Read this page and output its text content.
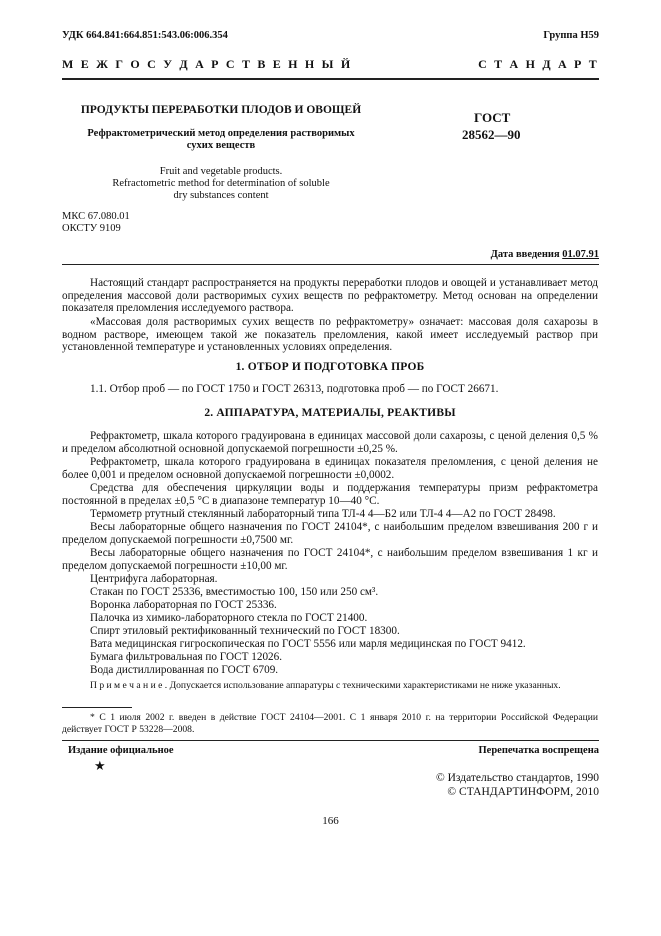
УДК 664.841:664.851:543.06:006.354	Группа Н59
М Е Ж Г О С У Д А Р С Т В Е Н Н Ы Й	С Т А Н Д А Р Т
ПРОДУКТЫ ПЕРЕРАБОТКИ ПЛОДОВ И ОВОЩЕЙ
Рефрактометрический метод определения растворимых
сухих веществ
Fruit and vegetable products.
Refractometric method for determination of soluble
dry substances content
ГОСТ
28562—90
МКС 67.080.01
ОКСТУ 9109
Дата введения 01.07.91
Настоящий стандарт распространяется на продукты переработки плодов и овощей и устанавливает метод определения массовой доли растворимых сухих веществ по рефрактометру. Метод основан на определении показателя преломления исследуемого раствора.
«Массовая доля растворимых сухих веществ по рефрактометру» означает: массовая доля сахарозы в водном растворе, имеющем такой же показатель преломления, какой имеет исследуемый раствор при установленной температуре и установленных условиях определения.
1. ОТБОР И ПОДГОТОВКА ПРОБ
1.1. Отбор проб — по ГОСТ 1750 и ГОСТ 26313, подготовка проб — по ГОСТ 26671.
2. АППАРАТУРА, МАТЕРИАЛЫ, РЕАКТИВЫ
Рефрактометр, шкала которого градуирована в единицах массовой доли сахарозы, с ценой деления 0,5 % и пределом абсолютной основной допускаемой погрешности ±0,25 %.
Рефрактометр, шкала которого градуирована в единицах показателя преломления, с ценой деления не более 0,001 и пределом основной допускаемой погрешности ±0,0002.
Средства для обеспечения циркуляции воды и поддержания температуры призм рефрактометра постоянной в пределах ±0,5 °С в диапазоне температур 10—40 °С.
Термометр ртутный стеклянный лабораторный типа ТЛ-4 4—Б2 или ТЛ-4 4—А2 по ГОСТ 28498.
Весы лабораторные общего назначения по ГОСТ 24104*, с наибольшим пределом взвешивания 200 г и пределом допускаемой погрешности ±0,7500 мг.
Весы лабораторные общего назначения по ГОСТ 24104*, с наибольшим пределом взвешивания 1 кг и пределом допускаемой погрешности ±10,00 мг.
Центрифуга лабораторная.
Стакан по ГОСТ 25336, вместимостью 100, 150 или 250 см³.
Воронка лабораторная по ГОСТ 25336.
Палочка из химико-лабораторного стекла по ГОСТ 21400.
Спирт этиловый ректификованный технический по ГОСТ 18300.
Вата медицинская гигроскопическая по ГОСТ 5556 или марля медицинская по ГОСТ 9412.
Бумага фильтровальная по ГОСТ 12026.
Вода дистиллированная по ГОСТ 6709.
П р и м е ч а н и е . Допускается использование аппаратуры с техническими характеристиками не ниже указанных.
* С 1 июля 2002 г. введен в действие ГОСТ 24104—2001. С 1 января 2010 г. на территории Российской Федерации действует ГОСТ Р 53228—2008.
Издание официальное
★
Перепечатка воспрещена
© Издательство стандартов, 1990
© СТАНДАРТИНФОРМ, 2010
166
